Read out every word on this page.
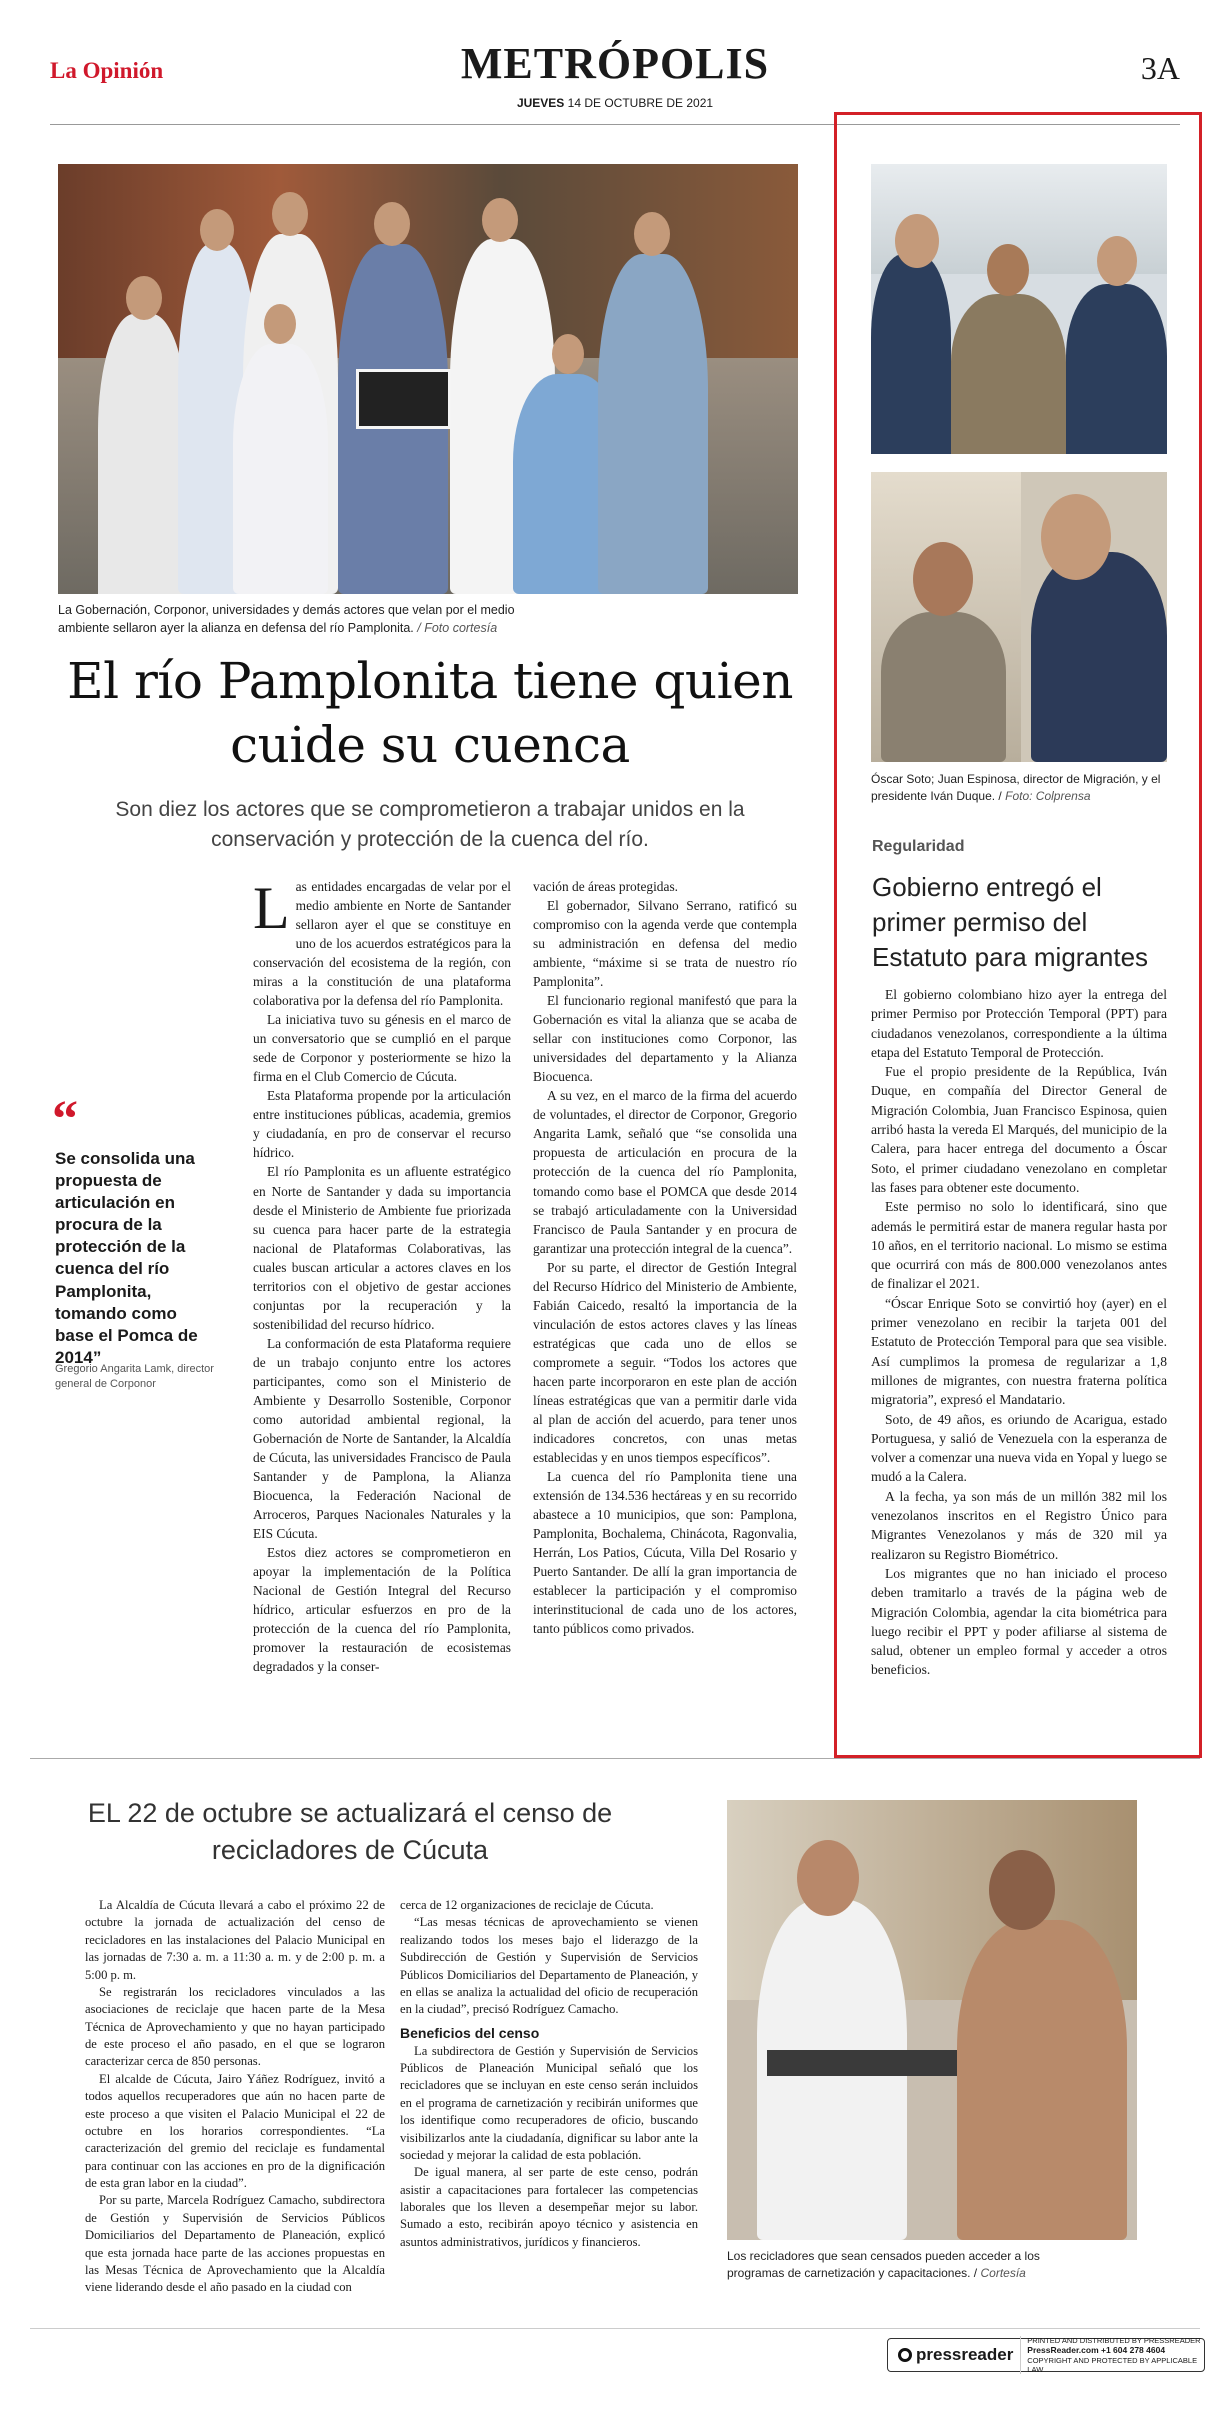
La Opinión	METRÓPOLIS	3A
JUEVES 14 DE OCTUBRE DE 2021
La Gobernación, Corponor, universidades y demás actores que velan por el medio ambiente sellaron ayer la alianza en defensa del río Pamplonita. / Foto cortesía
El río Pamplonita tiene quien cuide su cuenca
Son diez los actores que se comprometieron a trabajar unidos en la conservación y protección de la cuenca del río.
“
Se consolida una propuesta de articulación en procura de la protección de la cuenca del río Pamplonita, tomando como base el Pomca de 2014”
Gregorio Angarita Lamk, director general de Corponor

Las entidades encargadas de velar por el medio ambiente en Norte de Santander sellaron ayer el que se constituye en uno de los acuerdos estratégicos para la conservación del ecosistema de la región, con miras a la constitución de una plataforma colaborativa por la defensa del río Pamplonita.

La iniciativa tuvo su génesis en el marco de un conversatorio que se cumplió en el parque sede de Corponor y posteriormente se hizo la firma en el Club Comercio de Cúcuta.

Esta Plataforma propende por la articulación entre instituciones públicas, academia, gremios y ciudadanía, en pro de conservar el recurso hídrico.

El río Pamplonita es un afluente estratégico en Norte de Santander y dada su importancia desde el Ministerio de Ambiente fue priorizada su cuenca para hacer parte de la estrategia nacional de Plataformas Colaborativas, las cuales buscan articular a actores claves en los territorios con el objetivo de gestar acciones conjuntas por la recuperación y la sostenibilidad del recurso hídrico.

La conformación de esta Plataforma requiere de un trabajo conjunto entre los actores participantes, como son el Ministerio de Ambiente y Desarrollo Sostenible, Corponor como autoridad ambiental regional, la Gobernación de Norte de Santander, la Alcaldía de Cúcuta, las universidades Francisco de Paula Santander y de Pamplona, la Alianza Biocuenca, la Federación Nacional de Arroceros, Parques Nacionales Naturales y la EIS Cúcuta.

Estos diez actores se comprometieron en apoyar la implementación de la Política Nacional de Gestión Integral del Recurso hídrico, articular esfuerzos en pro de la protección de la cuenca del río Pamplonita, promover la restauración de ecosistemas degradados y la conser-

vación de áreas protegidas.

El gobernador, Silvano Serrano, ratificó su compromiso con la agenda verde que contempla su administración en defensa del medio ambiente, “máxime si se trata de nuestro río Pamplonita”.

El funcionario regional manifestó que para la Gobernación es vital la alianza que se acaba de sellar con instituciones como Corponor, las universidades del departamento y la Alianza Biocuenca.

A su vez, en el marco de la firma del acuerdo de voluntades, el director de Corponor, Gregorio Angarita Lamk, señaló que “se consolida una propuesta de articulación en procura de la protección de la cuenca del río Pamplonita, tomando como base el POMCA que desde 2014 se trabajó articuladamente con la Universidad Francisco de Paula Santander y en procura de garantizar una protección integral de la cuenca”.

Por su parte, el director de Gestión Integral del Recurso Hídrico del Ministerio de Ambiente, Fabián Caicedo, resaltó la importancia de la vinculación de estos actores claves y las líneas estratégicas que cada uno de ellos se compromete a seguir. “Todos los actores que hacen parte incorporaron en este plan de acción líneas estratégicas que van a permitir darle vida al plan de acción del acuerdo, para tener unos indicadores concretos, con unas metas establecidas y en unos tiempos específicos”.

La cuenca del río Pamplonita tiene una extensión de 134.536 hectáreas y en su recorrido abastece a 10 municipios, que son: Pamplona, Pamplonita, Bochalema, Chinácota, Ragonvalia, Herrán, Los Patios, Cúcuta, Villa Del Rosario y Puerto Santander. De allí la gran importancia de establecer la participación y el compromiso interinstitucional de cada uno de los actores, tanto públicos como privados.

Óscar Soto; Juan Espinosa, director de Migración, y el presidente Iván Duque. / Foto: Colprensa
Regularidad
Gobierno entregó el primer permiso del Estatuto para migrantes

El gobierno colombiano hizo ayer la entrega del primer Permiso por Protección Temporal (PPT) para ciudadanos venezolanos, correspondiente a la última etapa del Estatuto Temporal de Protección.

Fue el propio presidente de la República, Iván Duque, en compañía del Director General de Migración Colombia, Juan Francisco Espinosa, quien arribó hasta la vereda El Marqués, del municipio de la Calera, para hacer entrega del documento a Óscar Soto, el primer ciudadano venezolano en completar las fases para obtener este documento.

Este permiso no solo lo identificará, sino que además le permitirá estar de manera regular hasta por 10 años, en el territorio nacional. Lo mismo se estima que ocurrirá con más de 800.000 venezolanos antes de finalizar el 2021.

“Óscar Enrique Soto se convirtió hoy (ayer) en el primer venezolano en recibir la tarjeta 001 del Estatuto de Protección Temporal para que sea visible. Así cumplimos la promesa de regularizar a 1,8 millones de migrantes, con nuestra fraterna política migratoria”, expresó el Mandatario.

Soto, de 49 años, es oriundo de Acarigua, estado Portuguesa, y salió de Venezuela con la esperanza de volver a comenzar una nueva vida en Yopal y luego se mudó a la Calera.

A la fecha, ya son más de un millón 382 mil los venezolanos inscritos en el Registro Único para Migrantes Venezolanos y más de 320 mil ya realizaron su Registro Biométrico.

Los migrantes que no han iniciado el proceso deben tramitarlo a través de la página web de Migración Colombia, agendar la cita biométrica para luego recibir el PPT y poder afiliarse al sistema de salud, obtener un empleo formal y acceder a otros beneficios.

EL 22 de octubre se actualizará el censo de recicladores de Cúcuta

La Alcaldía de Cúcuta llevará a cabo el próximo 22 de octubre la jornada de actualización del censo de recicladores en las instalaciones del Palacio Municipal en las jornadas de 7:30 a. m. a 11:30 a. m. y de 2:00 p. m. a 5:00 p. m.

Se registrarán los recicladores vinculados a las asociaciones de reciclaje que hacen parte de la Mesa Técnica de Aprovechamiento y que no hayan participado de este proceso el año pasado, en el que se lograron caracterizar cerca de 850 personas.

El alcalde de Cúcuta, Jairo Yáñez Rodríguez, invitó a todos aquellos recuperadores que aún no hacen parte de este proceso a que visiten el Palacio Municipal el 22 de octubre en los horarios correspondientes. “La caracterización del gremio del reciclaje es fundamental para continuar con las acciones en pro de la dignificación de esta gran labor en la ciudad”.

Por su parte, Marcela Rodríguez Camacho, subdirectora de Gestión y Supervisión de Servicios Públicos Domiciliarios del Departamento de Planeación, explicó que esta jornada hace parte de las acciones propuestas en las Mesas Técnica de Aprovechamiento que la Alcaldía viene liderando desde el año pasado en la ciudad con

cerca de 12 organizaciones de reciclaje de Cúcuta.

“Las mesas técnicas de aprovechamiento se vienen realizando todos los meses bajo el liderazgo de la Subdirección de Gestión y Supervisión de Servicios Públicos Domiciliarios del Departamento de Planeación, y en ellas se analiza la actualidad del oficio de recuperación en la ciudad”, precisó Rodríguez Camacho.

Beneficios del censo

La subdirectora de Gestión y Supervisión de Servicios Públicos de Planeación Municipal señaló que los recicladores que se incluyan en este censo serán incluidos en el programa de carnetización y recibirán uniformes que los identifique como recuperadores de oficio, buscando visibilizarlos ante la ciudadanía, dignificar su labor ante la sociedad y mejorar la calidad de esta población.

De igual manera, al ser parte de este censo, podrán asistir a capacitaciones para fortalecer las competencias laborales que los lleven a desempeñar mejor su labor. Sumado a esto, recibirán apoyo técnico y asistencia en asuntos administrativos, jurídicos y financieros.

Los recicladores que sean censados pueden acceder a los programas de carnetización y capacitaciones. / Cortesía
pressreader
PRINTED AND DISTRIBUTED BY PRESSREADER
PressReader.com +1 604 278 4604
COPYRIGHT AND PROTECTED BY APPLICABLE LAW
